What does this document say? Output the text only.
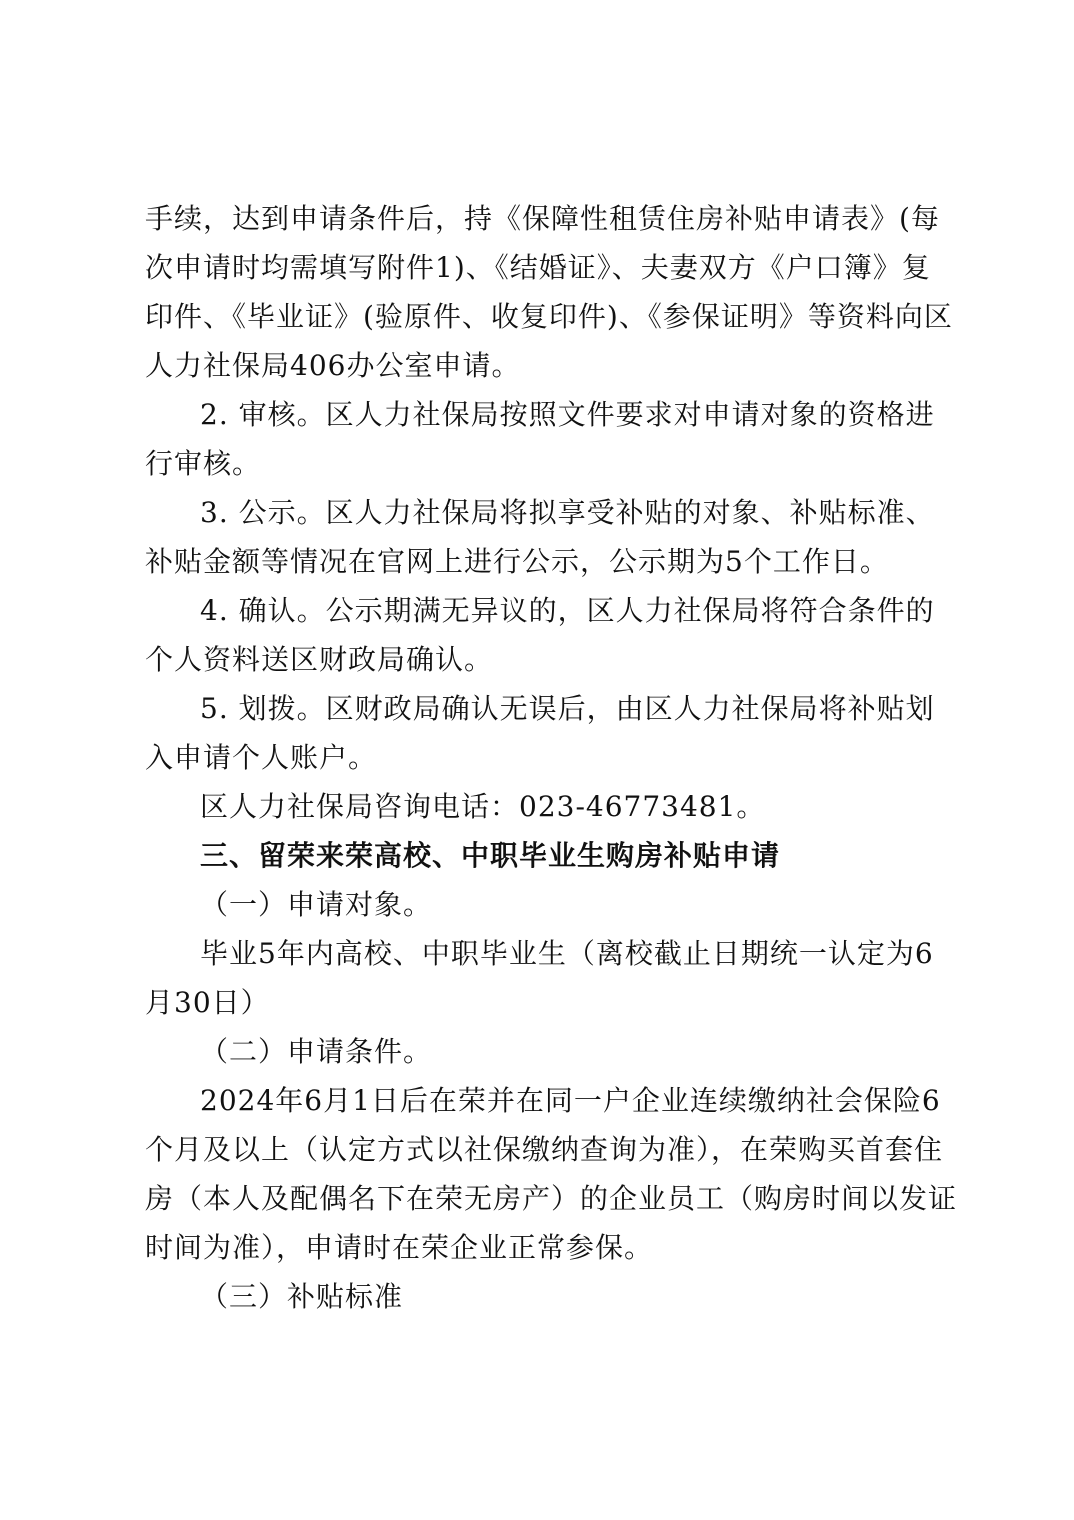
手续，达到申请条件后，持《保障性租赁住房补贴申请表》(每
次申请时均需填写附件1)、《结婚证》、夫妻双方《户口簿》复
印件、《毕业证》(验原件、收复印件)、《参保证明》等资料向区
人力社保局406办公室申请。
2. 审核。区人力社保局按照文件要求对申请对象的资格进
行审核。
3. 公示。区人力社保局将拟享受补贴的对象、补贴标准、
补贴金额等情况在官网上进行公示，公示期为5个工作日。
4. 确认。公示期满无异议的，区人力社保局将符合条件的
个人资料送区财政局确认。
5. 划拨。区财政局确认无误后，由区人力社保局将补贴划
入申请个人账户。
区人力社保局咨询电话：023-46773481。
三、留荣来荣高校、中职毕业生购房补贴申请
（一）申请对象。
毕业5年内高校、中职毕业生（离校截止日期统一认定为6
月30日）
（二）申请条件。
2024年6月1日后在荣并在同一户企业连续缴纳社会保险6
个月及以上（认定方式以社保缴纳查询为准），在荣购买首套住
房（本人及配偶名下在荣无房产）的企业员工（购房时间以发证
时间为准），申请时在荣企业正常参保。
（三）补贴标准
